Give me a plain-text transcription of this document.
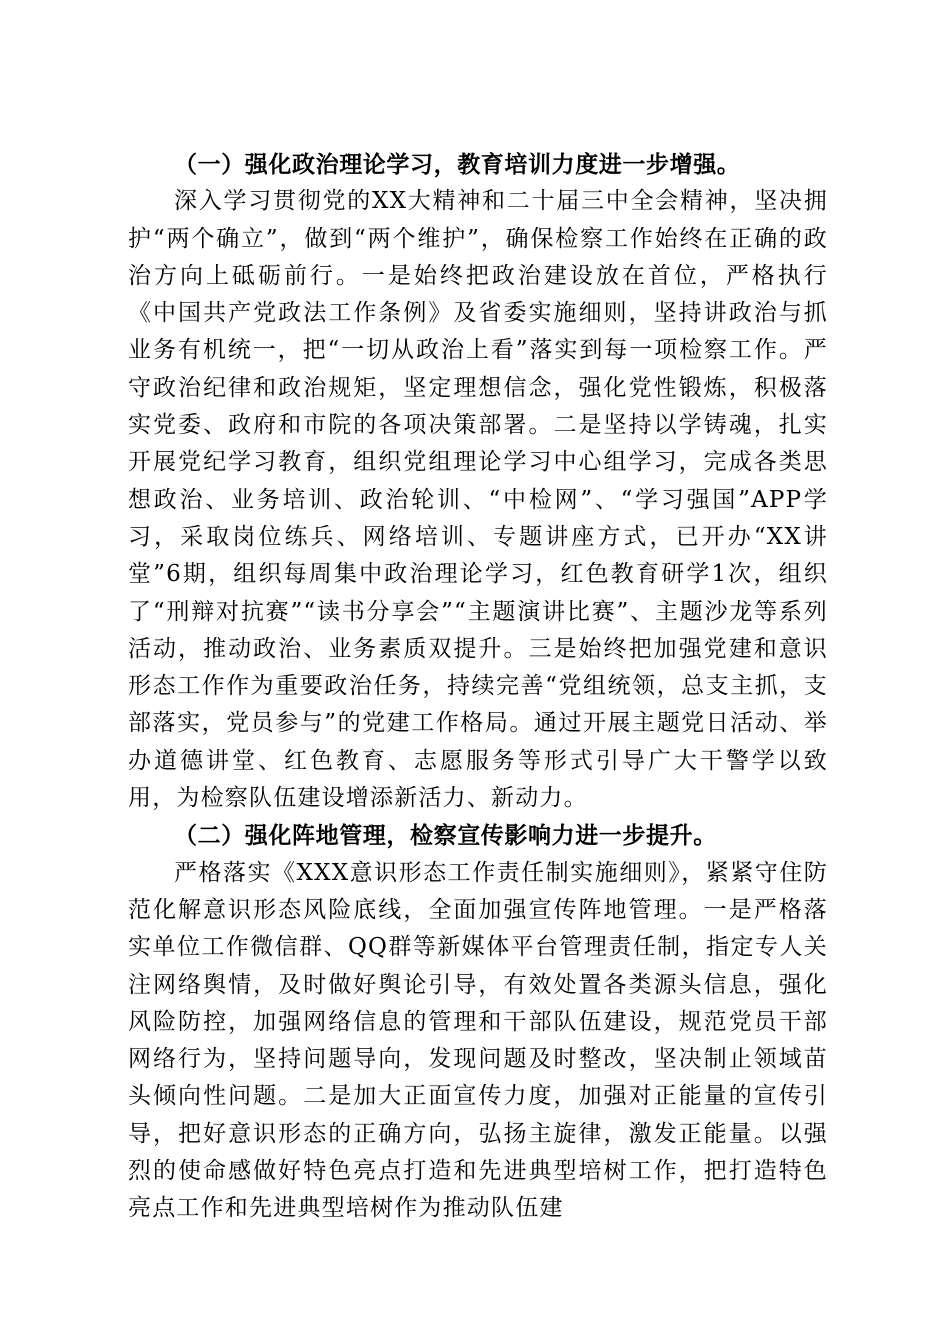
（一）强化政治理论学习，教育培训力度进一步增强。

深入学习贯彻党的XX大精神和二十届三中全会精神，坚决拥护“两个确立”，做到“两个维护”，确保检察工作始终在正确的政治方向上砥砺前行。一是始终把政治建设放在首位，严格执行《中国共产党政法工作条例》及省委实施细则，坚持讲政治与抓业务有机统一，把“一切从政治上看”落实到每一项检察工作。严守政治纪律和政治规矩，坚定理想信念，强化党性锻炼，积极落实党委、政府和市院的各项决策部署。二是坚持以学铸魂，扎实开展党纪学习教育，组织党组理论学习中心组学习，完成各类思想政治、业务培训、政治轮训、“中检网”、“学习强国”APP学习，采取岗位练兵、网络培训、专题讲座方式，已开办“XX讲堂”6期，组织每周集中政治理论学习，红色教育研学1次，组织了“刑辩对抗赛”“读书分享会”“主题演讲比赛”、主题沙龙等系列活动，推动政治、业务素质双提升。三是始终把加强党建和意识形态工作作为重要政治任务，持续完善“党组统领，总支主抓，支部落实，党员参与”的党建工作格局。通过开展主题党日活动、举办道德讲堂、红色教育、志愿服务等形式引导广大干警学以致用，为检察队伍建设增添新活力、新动力。

（二）强化阵地管理，检察宣传影响力进一步提升。

严格落实《XXX意识形态工作责任制实施细则》，紧紧守住防范化解意识形态风险底线，全面加强宣传阵地管理。一是严格落实单位工作微信群、QQ群等新媒体平台管理责任制，指定专人关注网络舆情，及时做好舆论引导，有效处置各类源头信息，强化风险防控，加强网络信息的管理和干部队伍建设，规范党员干部网络行为，坚持问题导向，发现问题及时整改，坚决制止领域苗头倾向性问题。二是加大正面宣传力度，加强对正能量的宣传引导，把好意识形态的正确方向，弘扬主旋律，激发正能量。以强烈的使命感做好特色亮点打造和先进典型培树工作，把打造特色亮点工作和先进典型培树作为推动队伍建
